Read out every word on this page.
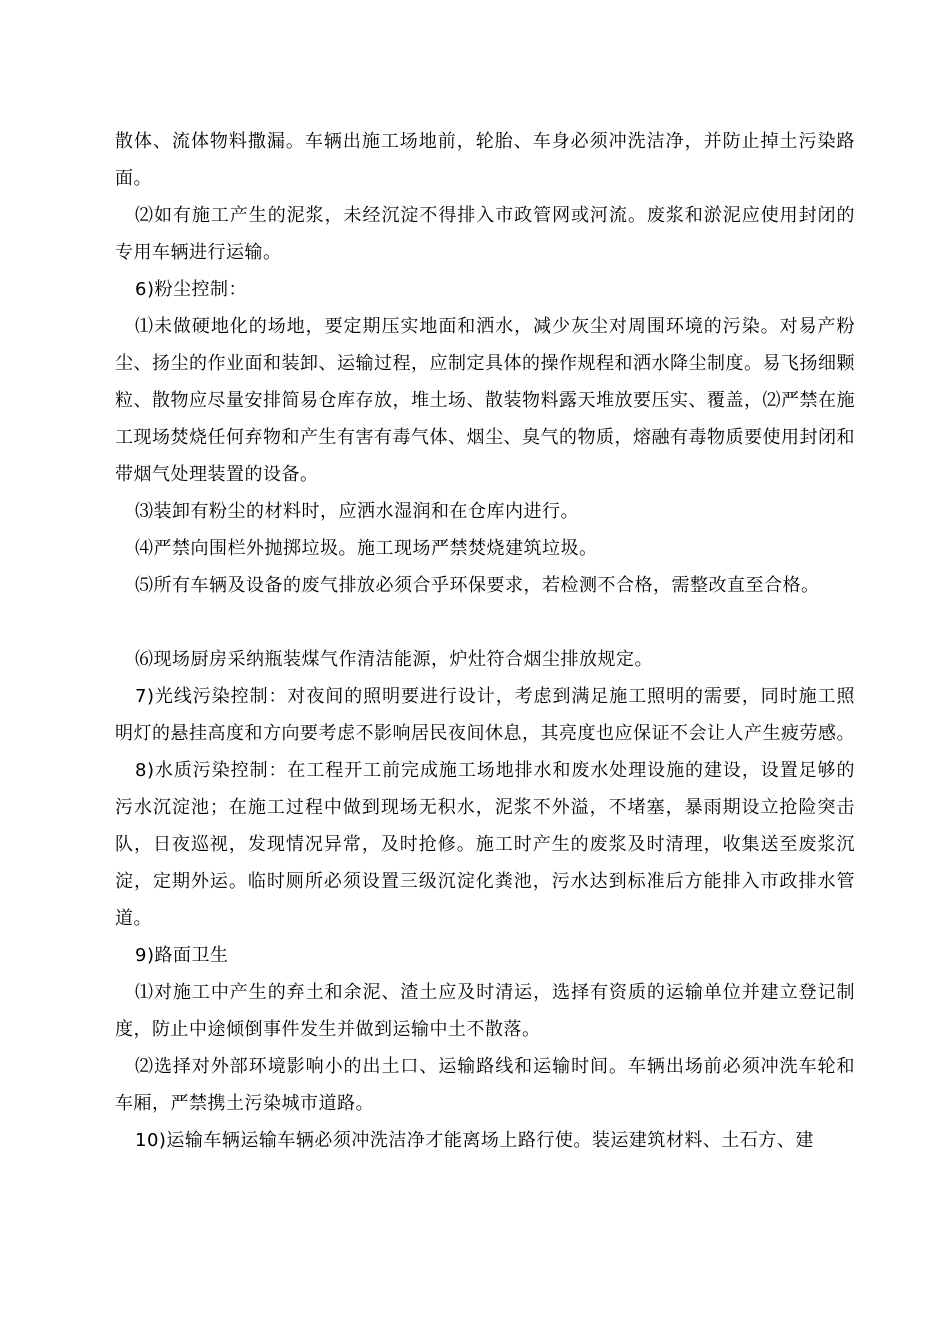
散体、流体物料撒漏。车辆出施工场地前，轮胎、车身必须冲洗洁净，并防止掉土污染路面。

⑵如有施工产生的泥浆，未经沉淀不得排入市政管网或河流。废浆和淤泥应使用封闭的专用车辆进行运输。

6)粉尘控制：

⑴未做硬地化的场地，要定期压实地面和洒水，减少灰尘对周围环境的污染。对易产粉尘、扬尘的作业面和装卸、运输过程，应制定具体的操作规程和洒水降尘制度。易飞扬细颗粒、散物应尽量安排简易仓库存放，堆土场、散装物料露天堆放要压实、覆盖，⑵严禁在施工现场焚烧任何弃物和产生有害有毒气体、烟尘、臭气的物质，熔融有毒物质要使用封闭和带烟气处理装置的设备。

⑶装卸有粉尘的材料时，应洒水湿润和在仓库内进行。

⑷严禁向围栏外抛掷垃圾。施工现场严禁焚烧建筑垃圾。

⑸所有车辆及设备的废气排放必须合乎环保要求，若检测不合格，需整改直至合格。

⑹现场厨房采纳瓶装煤气作清洁能源，炉灶符合烟尘排放规定。

7)光线污染控制：对夜间的照明要进行设计，考虑到满足施工照明的需要，同时施工照明灯的悬挂高度和方向要考虑不影响居民夜间休息，其亮度也应保证不会让人产生疲劳感。

8)水质污染控制：在工程开工前完成施工场地排水和废水处理设施的建设，设置足够的污水沉淀池；在施工过程中做到现场无积水，泥浆不外溢，不堵塞，暴雨期设立抢险突击队，日夜巡视，发现情况异常，及时抢修。施工时产生的废浆及时清理，收集送至废浆沉淀，定期外运。临时厕所必须设置三级沉淀化粪池，污水达到标准后方能排入市政排水管道。

9)路面卫生

⑴对施工中产生的弃土和余泥、渣土应及时清运，选择有资质的运输单位并建立登记制度，防止中途倾倒事件发生并做到运输中土不散落。

⑵选择对外部环境影响小的出土口、运输路线和运输时间。车辆出场前必须冲洗车轮和车厢，严禁携土污染城市道路。

10)运输车辆运输车辆必须冲洗洁净才能离场上路行使。装运建筑材料、土石方、建
